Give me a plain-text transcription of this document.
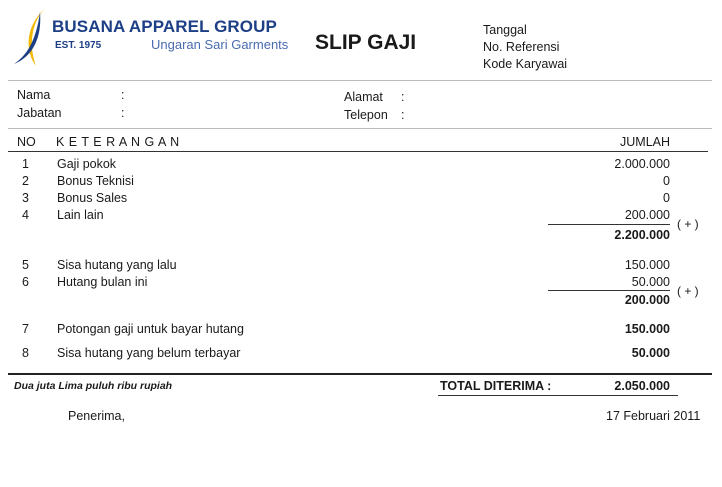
BUSANA APPAREL GROUP
EST. 1975	Ungaran Sari Garments SLIP GAJI
Tanggal
No. Referensi
Kode Karyawai
Nama	:
Jabatan	:
Alamat :
Telepon :
NO K E T E R A N G A N	JUMLAH
1 Gaji pokok	2.000.000
2 Bonus Teknisi	0
3 Bonus Sales	0
4 Lain lain	200.000
( + )
2.200.000
5 Sisa hutang yang lalu	150.000
6 Hutang bulan ini	50.000
( + )
200.000
7 Potongan gaji untuk bayar hutang	150.000
8 Sisa hutang yang belum terbayar	50.000
Dua juta Lima puluh ribu rupiah	TOTAL DITERIMA :	2.050.000
Penerima,	17 Februari 2011
